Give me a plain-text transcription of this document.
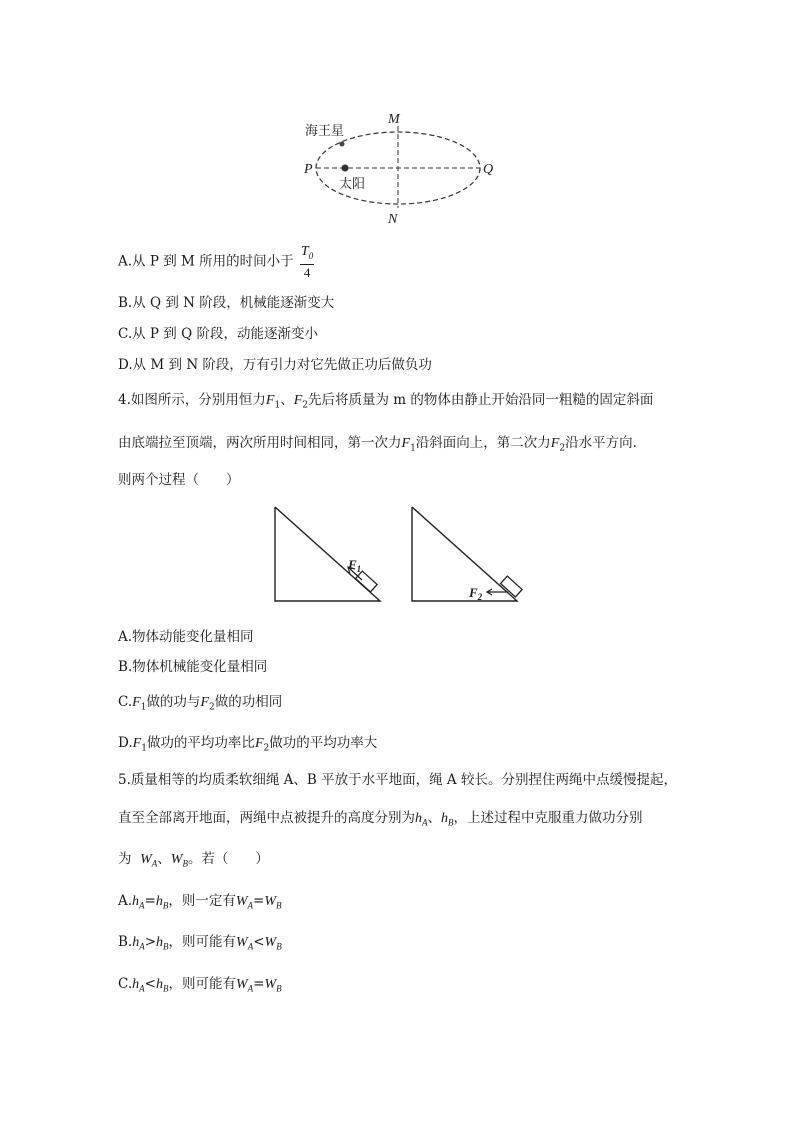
海王星
太阳
M
N
P	Q
A.从 P 到 M 所用的时间小于 $\frac{T_0}{4}$
B.从 Q 到 N 阶段，机械能逐渐变大
C.从 P 到 Q 阶段，动能逐渐变小
D.从 M 到 N 阶段，万有引力对它先做正功后做负功
4.如图所示，分别用恒力$F_1$、$F_2$先后将质量为 m 的物体由静止开始沿同一粗糙的固定斜面
由底端拉至顶端，两次所用时间相同，第一次力$F_1$沿斜面向上，第二次力$F_2$沿水平方向.
则两个过程（　　）
$F_1$
$F_2$
A.物体动能变化量相同
B.物体机械能变化量相同
$C.F_1$做的功与$F_2$做的功相同
$D.F_1$做功的平均功率比$F_2$做功的平均功率大
5.质量相等的均质柔软细绳 A、B 平放于水平地面，绳 A 较长。分别捏住两绳中点缓慢提起，
直至全部离开地面，两绳中点被提升的高度分别为$h_A$、$h_B$，上述过程中克服重力做功分别
为 $W_A$、$W_B$。若（　　）
$A.h_A=h_B$，则一定有$W_A=W_B$
$B.h_A>h_B$，则可能有$W_A<W_B$
$C.h_A<h_B$，则可能有$W_A=W_B$
